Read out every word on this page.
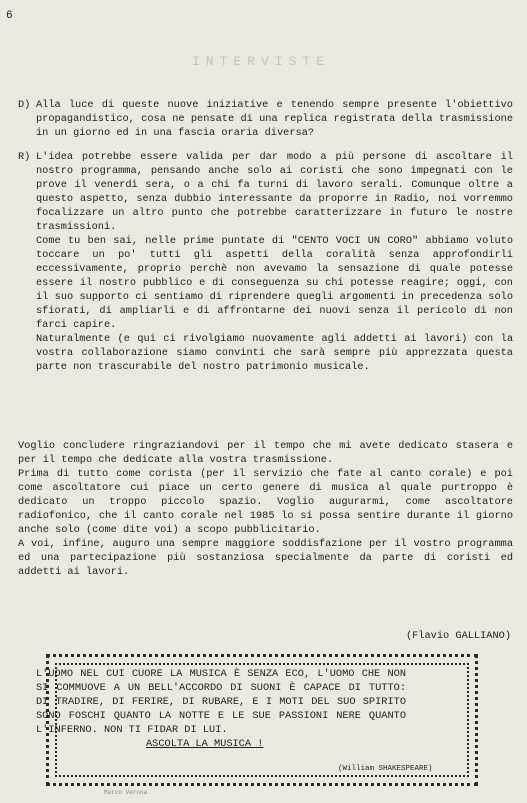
6
INTERVISTE
D) Alla luce di queste nuove iniziative e tenendo sempre presente l'obiettivo propagandistico, cosa ne pensate di una replica registrata della trasmissione in un giorno ed in una fascia oraria diversa?
R) L'idea potrebbe essere valida per dar modo a più persone di ascoltare il nostro programma, pensando anche solo ai coristi che sono impegnati con le prove il venerdì sera, o a chi fa turni di lavoro serali. Comunque oltre a questo aspetto, senza dubbio interessante da proporre in Radio, noi vorremmo focalizzare un altro punto che potrebbe caratterizzare in futuro le nostre trasmissioni.

Come tu ben sai, nelle prime puntate di "CENTO VOCI UN CORO" abbiamo voluto toccare un po' tutti gli aspetti della coralità senza approfondirli eccessivamente, proprio perchè non avevamo la sensazione di quale potesse essere il nostro pubblico e di conseguenza su chi potesse reagire; oggi, con il suo supporto ci sentiamo di riprendere quegli argomenti in precedenza solo sfiorati, di ampliarli e di affrontarne dei nuovi senza il pericolo di non farci capire.

Naturalmente (e qui ci rivolgiamo nuovamente agli addetti ai lavori) con la vostra collaborazione siamo convinti che sarà sempre più apprezzata questa parte non trascurabile del nostro patrimonio musicale.

Voglio concludere ringraziandovi per il tempo che mi avete dedicato stasera e per il tempo che dedicate alla vostra trasmissione.

Prima di tutto come corista (per il servizio che fate al canto corale) e poi come ascoltatore cui piace un certo genere di musica al quale purtroppo è dedicato un troppo piccolo spazio. Voglio augurarmi, come ascoltatore radiofonico, che il canto corale nel 1985 lo si possa sentire durante il giorno anche solo (come dite voi) a scopo pubblicitario.

A voi, infine, auguro una sempre maggiore soddisfazione per il vostro programma ed una partecipazione più sostanziosa specialmente da parte di coristi ed addetti ai lavori.

(Flavio GALLIANO)
L'UOMO NEL CUI CUORE LA MUSICA È SENZA ECO, L'UOMO CHE NON SI COMMUOVE A UN BELL'ACCORDO DI SUONI È CAPACE DI TUTTO: DI TRADIRE, DI FERIRE, DI RUBARE, E I MOTI DEL SUO SPIRITO SONO FOSCHI QUANTO LA NOTTE E LE SUE PASSIONI NERE QUANTO L'INFERNO. NON TI FIDAR DI LUI.
ASCOLTA LA MUSICA !
(William SHAKESPEARE)
Marco Verona
